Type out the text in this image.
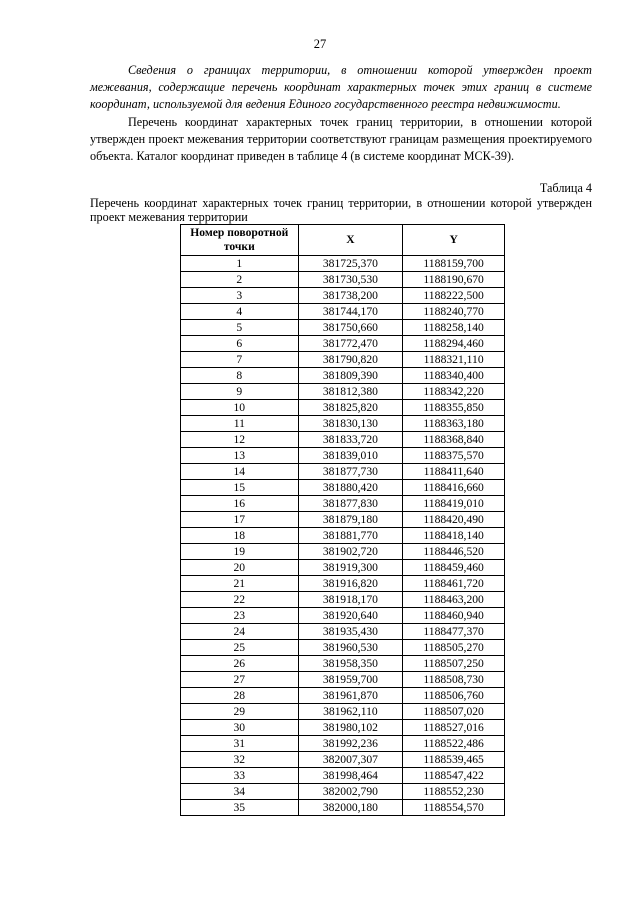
27

Сведения о границах территории, в отношении которой утвержден проект межевания, содержащие перечень координат характерных точек этих границ в системе координат, используемой для ведения Единого государственного реестра недвижимости.

Перечень координат характерных точек границ территории, в отношении которой утвержден проект межевания территории соответствуют границам размещения проектируемого объекта. Каталог координат приведен в таблице 4 (в системе координат МСК-39).

Таблица 4

Перечень координат характерных точек границ территории, в отношении которой утвержден проект межевания территории

Номер поворотной точки	X	Y
1	381725,370	1188159,700
2	381730,530	1188190,670
3	381738,200	1188222,500
4	381744,170	1188240,770
5	381750,660	1188258,140
6	381772,470	1188294,460
7	381790,820	1188321,110
8	381809,390	1188340,400
9	381812,380	1188342,220
10	381825,820	1188355,850
11	381830,130	1188363,180
12	381833,720	1188368,840
13	381839,010	1188375,570
14	381877,730	1188411,640
15	381880,420	1188416,660
16	381877,830	1188419,010
17	381879,180	1188420,490
18	381881,770	1188418,140
19	381902,720	1188446,520
20	381919,300	1188459,460
21	381916,820	1188461,720
22	381918,170	1188463,200
23	381920,640	1188460,940
24	381935,430	1188477,370
25	381960,530	1188505,270
26	381958,350	1188507,250
27	381959,700	1188508,730
28	381961,870	1188506,760
29	381962,110	1188507,020
30	381980,102	1188527,016
31	381992,236	1188522,486
32	382007,307	1188539,465
33	381998,464	1188547,422
34	382002,790	1188552,230
35	382000,180	1188554,570
